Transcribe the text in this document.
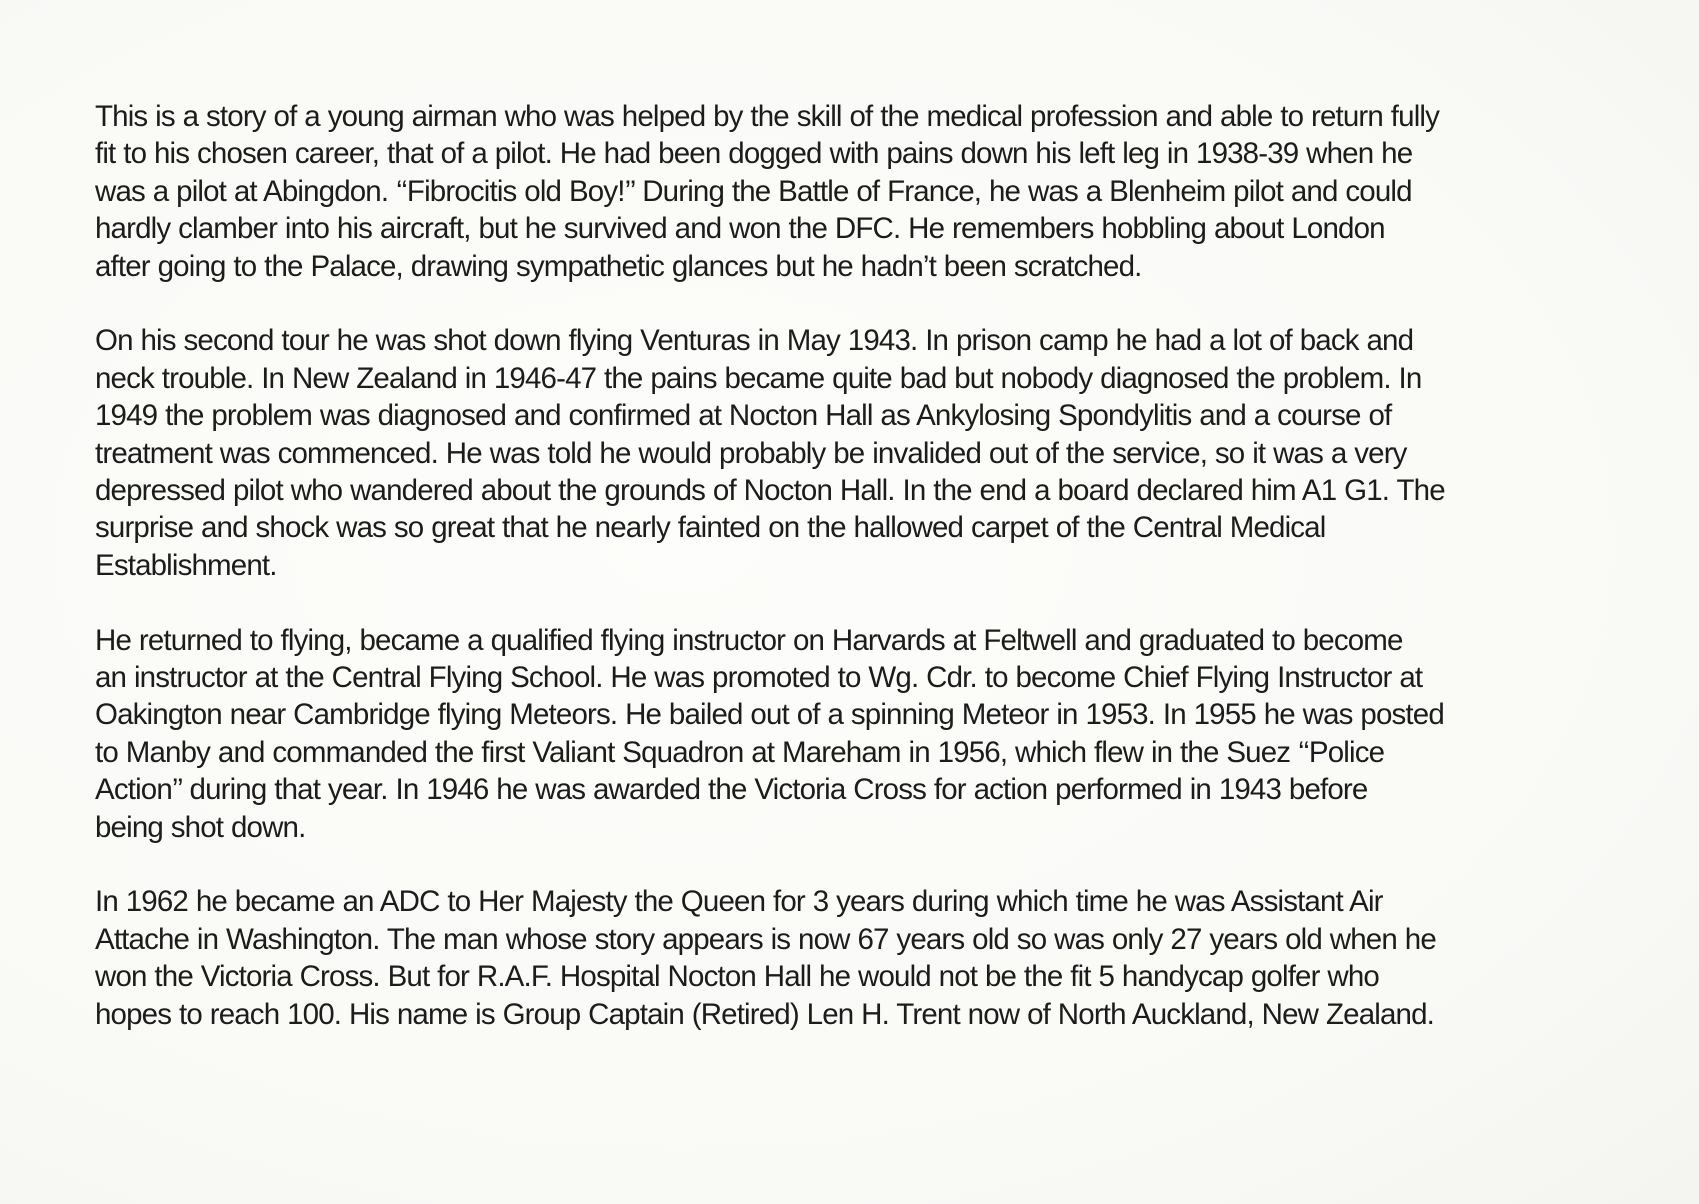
This is a story of a young airman who was helped by the skill of the medical profession and able to return fully
fit to his chosen career, that of a pilot. He had been dogged with pains down his left leg in 1938-39 when he
was a pilot at Abingdon. ‘‘Fibrocitis old Boy!’’ During the Battle of France, he was a Blenheim pilot and could
hardly clamber into his aircraft, but he survived and won the DFC. He remembers hobbling about London
after going to the Palace, drawing sympathetic glances but he hadn’t been scratched.

On his second tour he was shot down flying Venturas in May 1943. In prison camp he had a lot of back and
neck trouble. In New Zealand in 1946-47 the pains became quite bad but nobody diagnosed the problem. In
1949 the problem was diagnosed and confirmed at Nocton Hall as Ankylosing Spondylitis and a course of
treatment was commenced. He was told he would probably be invalided out of the service, so it was a very
depressed pilot who wandered about the grounds of Nocton Hall. In the end a board declared him A1 G1. The
surprise and shock was so great that he nearly fainted on the hallowed carpet of the Central Medical
Establishment.

He returned to flying, became a qualified flying instructor on Harvards at Feltwell and graduated to become
an instructor at the Central Flying School. He was promoted to Wg. Cdr. to become Chief Flying Instructor at
Oakington near Cambridge flying Meteors. He bailed out of a spinning Meteor in 1953. In 1955 he was posted
to Manby and commanded the first Valiant Squadron at Mareham in 1956, which flew in the Suez ‘‘Police
Action’’ during that year. In 1946 he was awarded the Victoria Cross for action performed in 1943 before
being shot down.

In 1962 he became an ADC to Her Majesty the Queen for 3 years during which time he was Assistant Air
Attache in Washington. The man whose story appears is now 67 years old so was only 27 years old when he
won the Victoria Cross. But for R.A.F. Hospital Nocton Hall he would not be the fit 5 handycap golfer who
hopes to reach 100. His name is Group Captain (Retired) Len H. Trent now of North Auckland, New Zealand.
